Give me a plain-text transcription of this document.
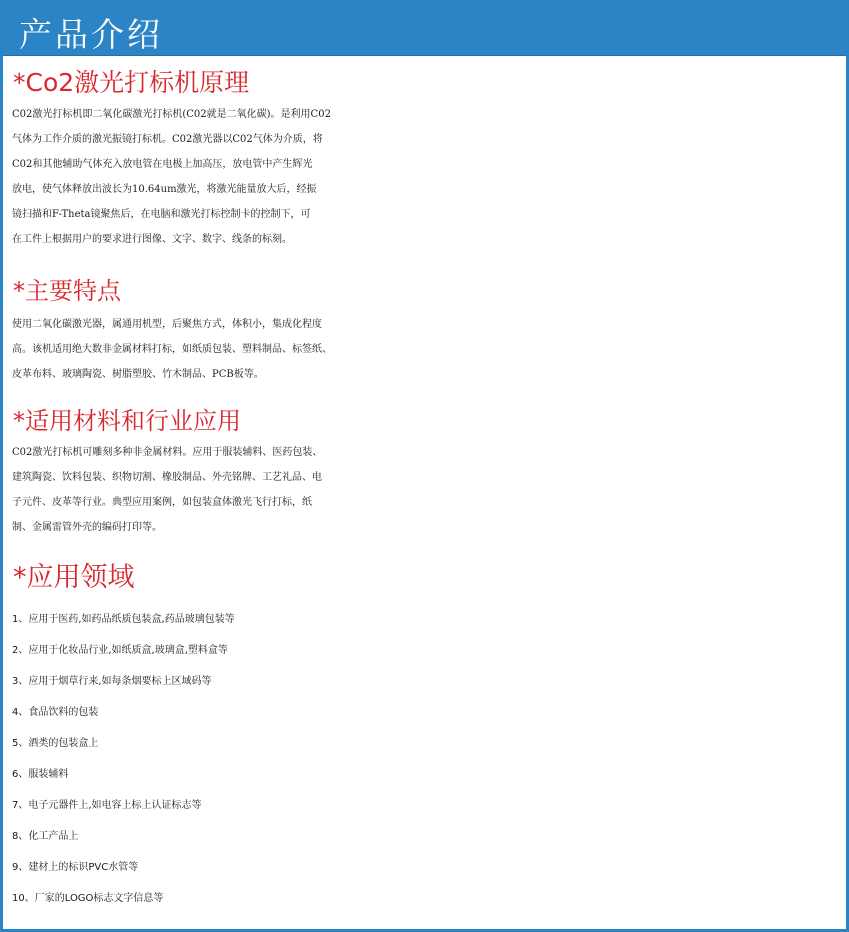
产品介绍
*Co2激光打标机原理
C02激光打标机即二氧化碳激光打标机(C02就是二氧化碳)。是利用C02
气体为工作介质的激光振镜打标机。C02激光器以C02气体为介质，将
C02和其他辅助气体充入放电管在电极上加高压，放电管中产生辉光
放电，使气体释放出波长为10.64um激光，将激光能量放大后，经振
镜扫描和F-Theta镜聚焦后，在电脑和激光打标控制卡的控制下，可
在工件上根据用户的要求进行图像、文字、数字、线条的标刻。
*主要特点
使用二氧化碳激光器，属通用机型，后聚焦方式，体积小，集成化程度
高。该机适用绝大数非金属材料打标，如纸质包装、塑料制品、标签纸、
皮革布料、玻璃陶瓷、树脂塑胶、竹木制品、PCB板等。
*适用材料和行业应用
C02激光打标机可雕刻多种非金属材料。应用于服装辅料、医药包装、
建筑陶瓷、饮料包装、织物切割、橡胶制品、外壳铭牌、工艺礼品、电
子元件、皮革等行业。典型应用案例，如包装盒体激光飞行打标，纸
制、金属雷管外壳的编码打印等。
*应用领域
1、应用于医药,如药品纸质包装盒,药品玻璃包装等
2、应用于化妆品行业,如纸质盒,玻璃盒,塑料盒等
3、应用于烟草行来,如每条烟要标上区域码等
4、食品饮料的包装
5、酒类的包装盒上
6、服装辅料
7、电子元器件上,如电容上标上认证标志等
8、化工产品上
9、建材上的标识PVC水管等
10、厂家的LOGO标志文字信息等
